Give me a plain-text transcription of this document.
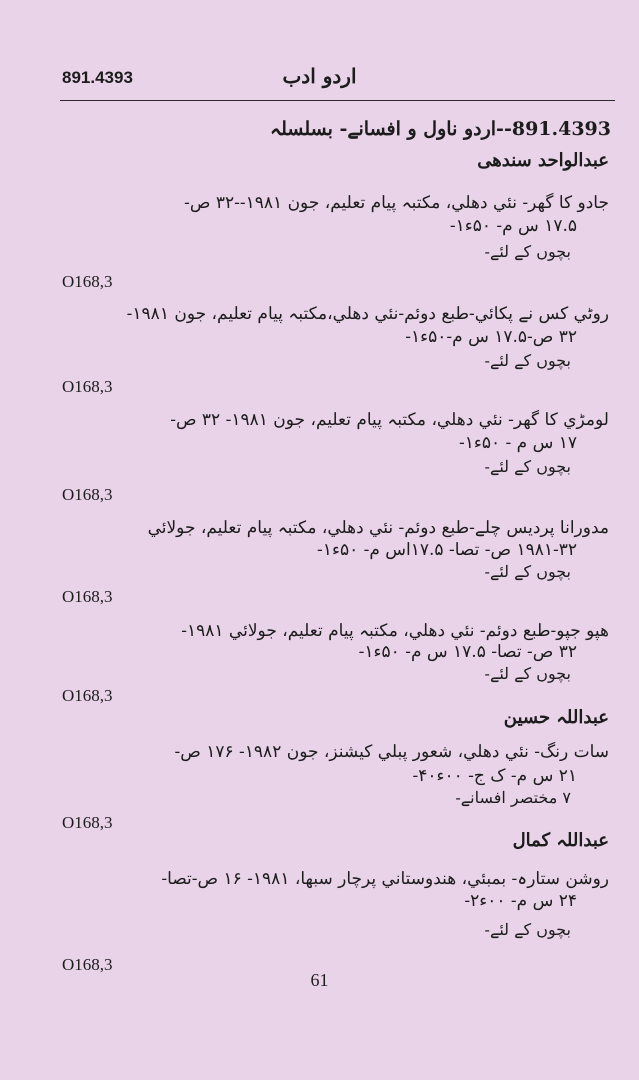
891.4393	اردو ادب
891.4393--اردو ناول و افسانے- بسلسلہ
عبدالواحد سندھی
جادو کا گھر- نئي دھلي، مکتبہ پيام تعليم، جون ۱۹۸۱--۳۲ ص-
۱۷.۵ س م- ۵۰ء۱-
بچوں کے لئے-
O168,3
روٹي کس نے پکائي-طبع دوئم-نئي دھلي،مکتبہ پيام تعليم، جون ۱۹۸۱-
۳۲ ص-۱۷.۵ س م-۵۰ء۱-
بچوں کے لئے-
O168,3
لومڑي کا گھر- نئي دھلي، مکتبہ پيام تعليم، جون ۱۹۸۱- ۳۲ ص-
۱۷ س م - ۵۰ء۱-
بچوں کے لئے-
O168,3
مدورانا پردیس چلے-طبع دوئم- نئي دھلي، مکتبہ پيام تعليم، جولائي
۱۹۸۱-۳۲ ص- تصا- ۱۷.۵اس م- ۵۰ء۱-
بچوں کے لئے-
O168,3
ھپو جپو-طبع دوئم- نئي دھلي، مکتبہ پيام تعليم، جولائي ۱۹۸۱-
۳۲ ص- تصا- ۱۷.۵ س م- ۵۰ء۱-
بچوں کے لئے-
O168,3
عبداللہ حسين
سات رنگ- نئي دھلي، شعور پبلي کيشنز، جون ۱۹۸۲- ۱۷۶ ص-
۲۱ س م- ک ج- ۰۰ء۴۰-
۷ مختصر افسانے-
O168,3
عبداللہ کمال
روشن ستارہ- بمبئي، هندوستاني پرچار سبھا، ۱۹۸۱- ۱۶ ص-تصا-
۲۴ س م- ۰۰ء۲-
بچوں کے لئے-
O168,3
61
